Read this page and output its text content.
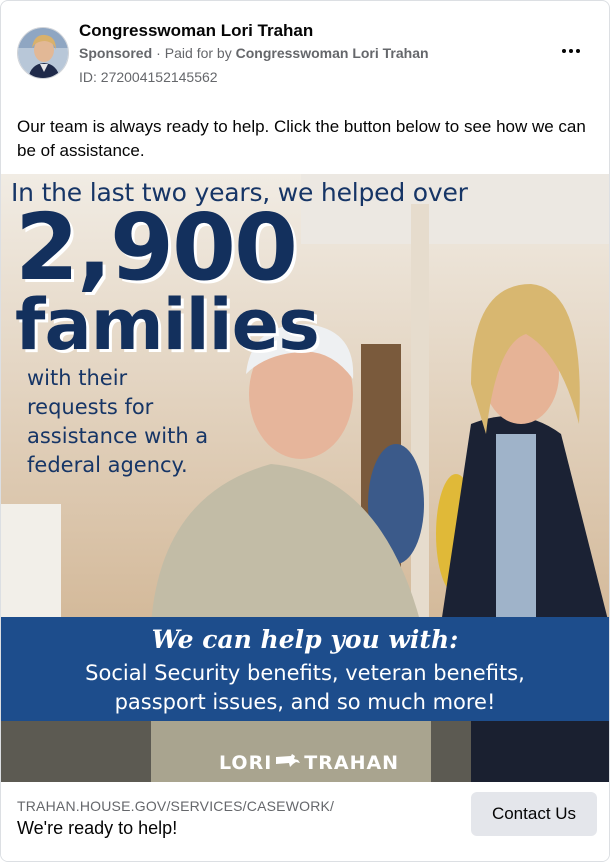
Congresswoman Lori Trahan
Sponsored · Paid for by Congresswoman Lori Trahan
ID: 272004152145562
Our team is always ready to help. Click the button below to see how we can be of assistance.
In the last two years, we helped over
2,900
families
with their
requests for
assistance with a
federal agency.
We can help you with:
Social Security benefits, veteran benefits,
passport issues, and so much more!
LORI TRAHAN
TRAHAN.HOUSE.GOV/SERVICES/CASEWORK/
We're ready to help!
Contact Us
